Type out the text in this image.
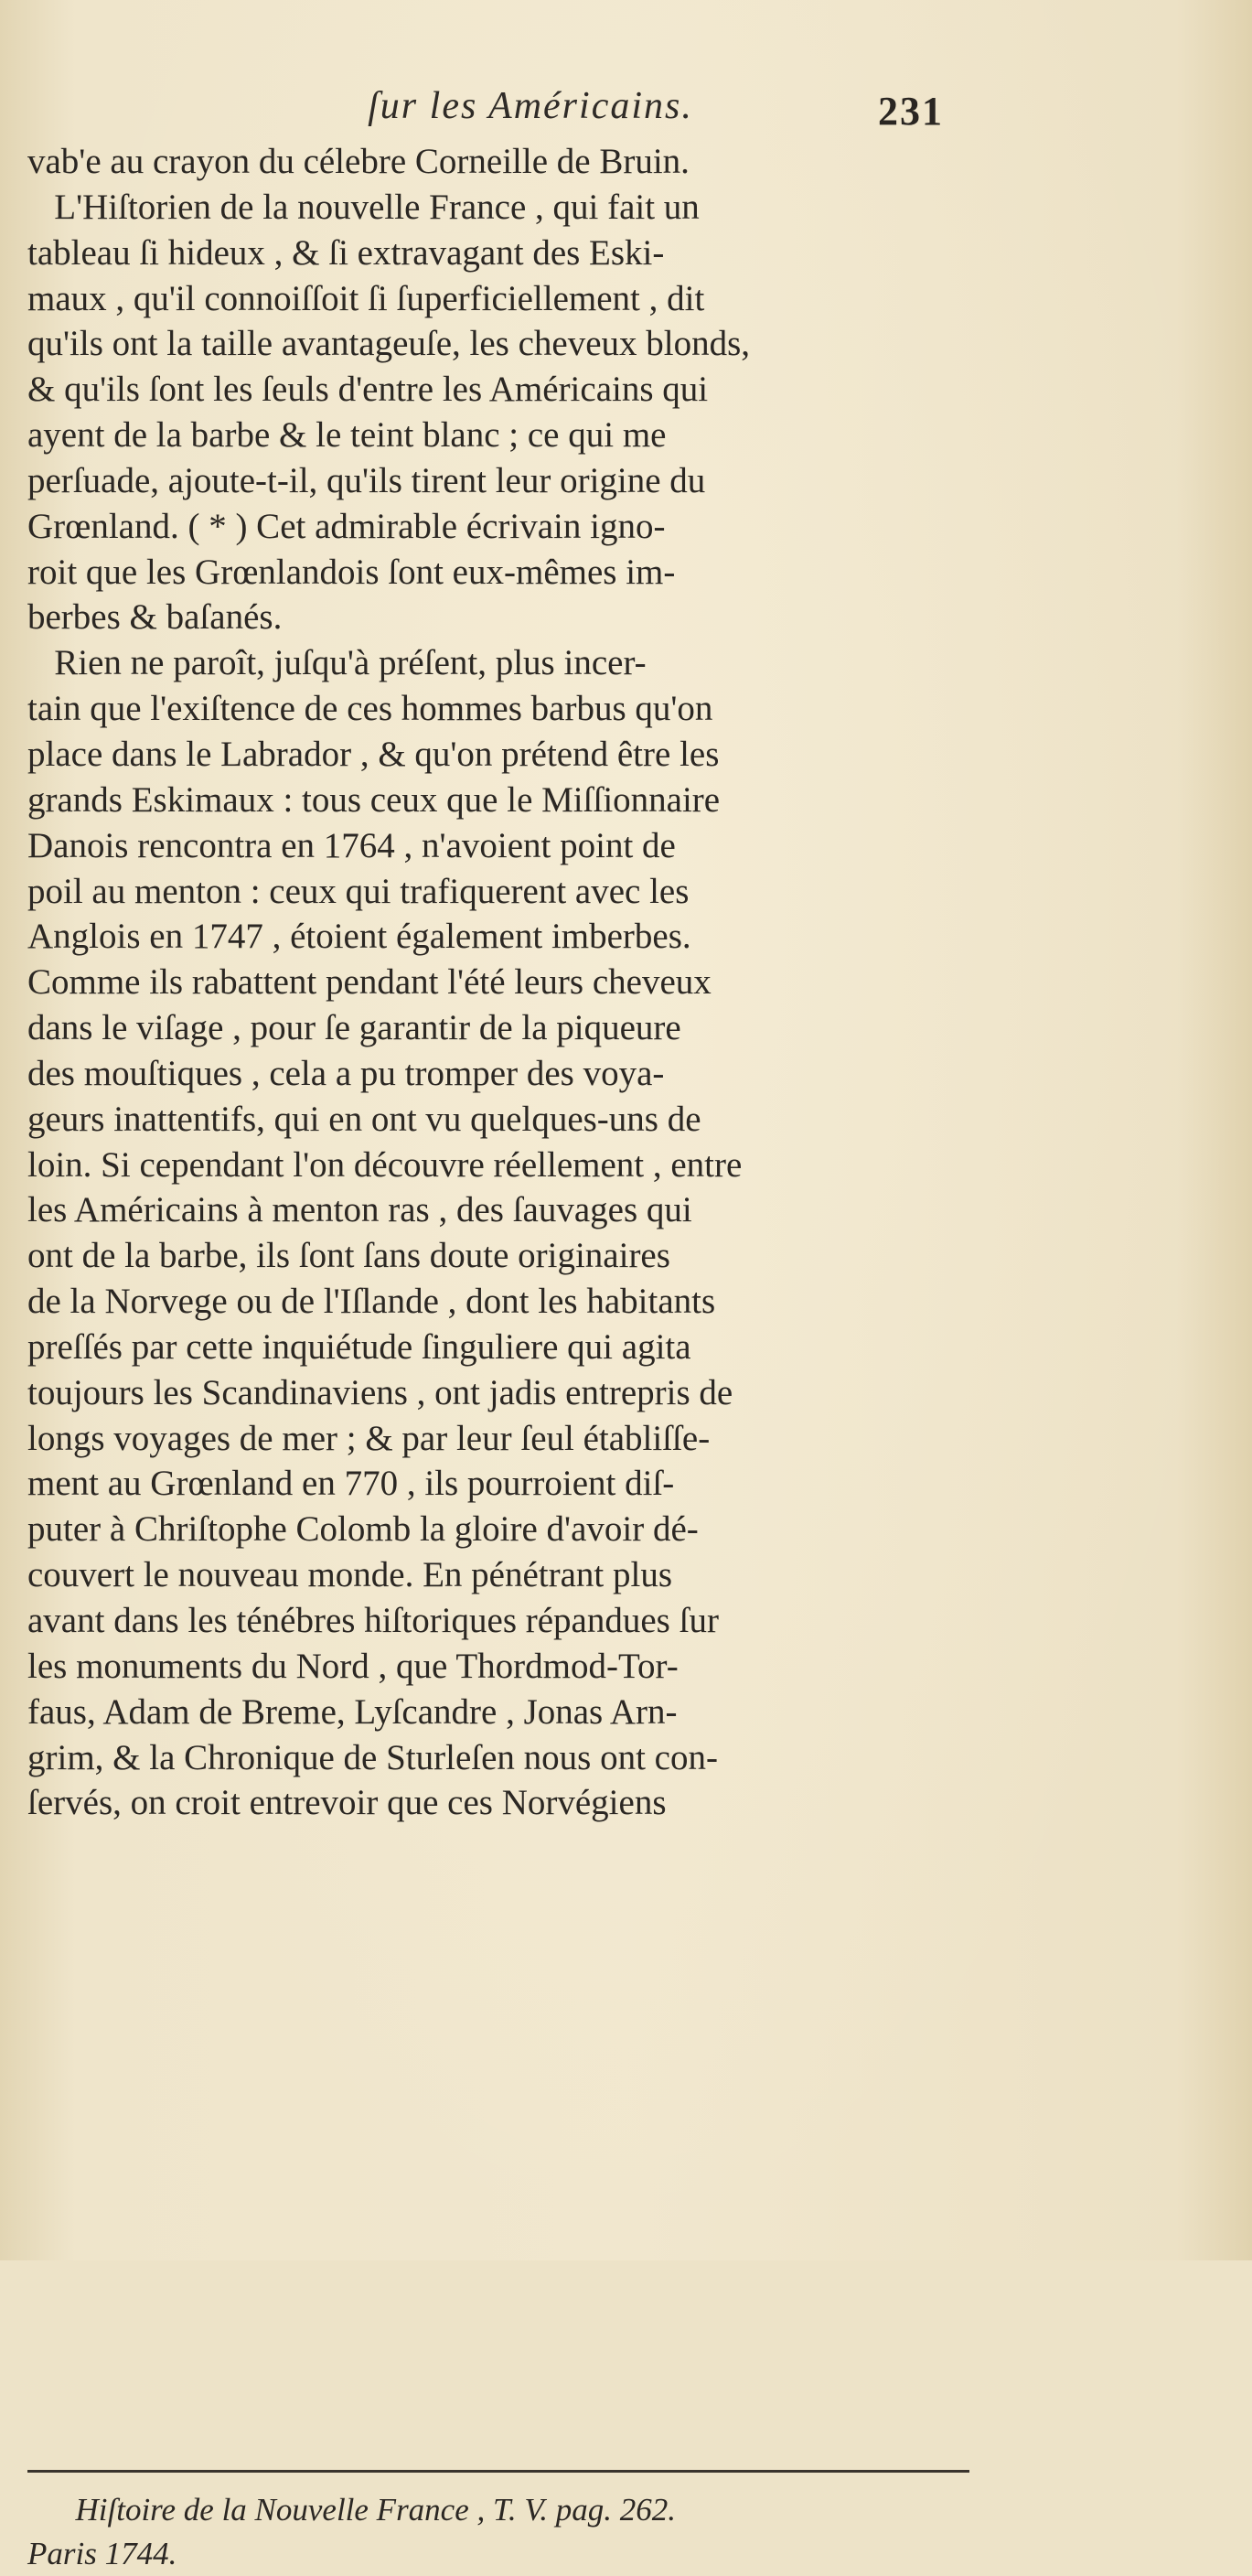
ſur les Américains.	231
vab'e au crayon du célebre Corneille de Bruin.
L'Hiſtorien de la nouvelle France , qui fait un
tableau ſi hideux , & ſi extravagant des Eski-
maux , qu'il connoiſſoit ſi ſuperficiellement , dit
qu'ils ont la taille avantageuſe, les cheveux blonds,
& qu'ils ſont les ſeuls d'entre les Américains qui
ayent de la barbe & le teint blanc ; ce qui me
perſuade, ajoute-t-il, qu'ils tirent leur origine du
Grœnland. ( * ) Cet admirable écrivain igno-
roit que les Grœnlandois ſont eux-mêmes im-
berbes & baſanés.
Rien ne paroît, juſqu'à préſent, plus incer-
tain que l'exiſtence de ces hommes barbus qu'on
place dans le Labrador , & qu'on prétend être les
grands Eskimaux : tous ceux que le Miſſionnaire
Danois rencontra en 1764 , n'avoient point de
poil au menton : ceux qui trafiquerent avec les
Anglois en 1747 , étoient également imberbes.
Comme ils rabattent pendant l'été leurs cheveux
dans le viſage , pour ſe garantir de la piqueure
des mouſtiques , cela a pu tromper des voya-
geurs inattentifs, qui en ont vu quelques-uns de
loin. Si cependant l'on découvre réellement , entre
les Américains à menton ras , des ſauvages qui
ont de la barbe, ils ſont ſans doute originaires
de la Norvege ou de l'Iſlande , dont les habitants
preſſés par cette inquiétude ſinguliere qui agita
toujours les Scandinaviens , ont jadis entrepris de
longs voyages de mer ; & par leur ſeul établiſſe-
ment au Grœnland en 770 , ils pourroient diſ-
puter à Chriſtophe Colomb la gloire d'avoir dé-
couvert le nouveau monde. En pénétrant plus
avant dans les ténébres hiſtoriques répandues ſur
les monuments du Nord , que Thordmod-Tor-
faus, Adam de Breme, Lyſcandre , Jonas Arn-
grim, & la Chronique de Sturleſen nous ont con-
ſervés, on croit entrevoir que ces Norvégiens
Hiſtoire de la Nouvelle France , T. V. pag. 262.
Paris 1744.
